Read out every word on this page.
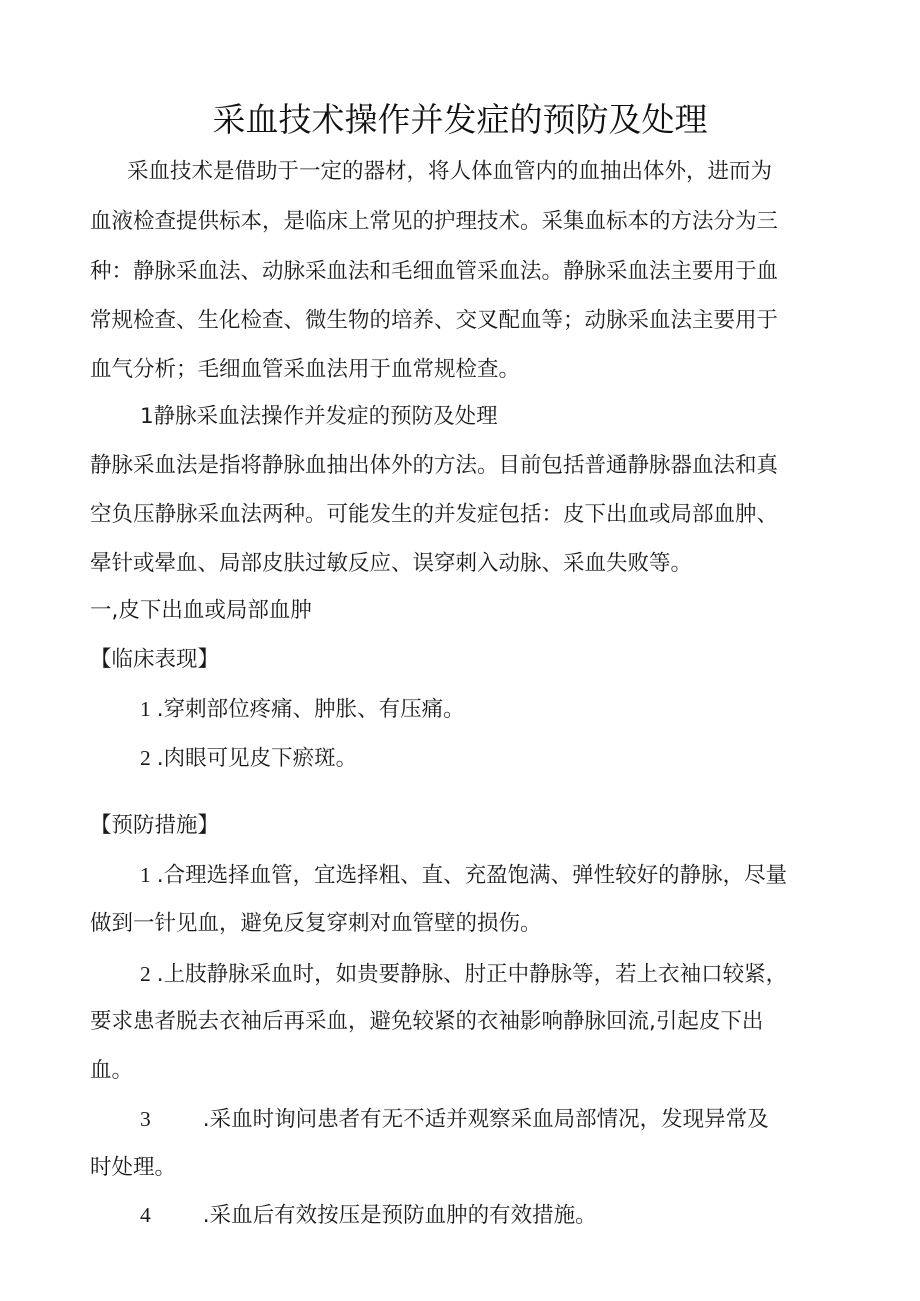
采血技术操作并发症的预防及处理
采血技术是借助于一定的器材，将人体血管内的血抽出体外，进而为
血液检查提供标本，是临床上常见的护理技术。采集血标本的方法分为三
种：静脉采血法、动脉采血法和毛细血管采血法。静脉采血法主要用于血
常规检查、生化检查、微生物的培养、交叉配血等；动脉采血法主要用于
血气分析；毛细血管采血法用于血常规检查。
1静脉采血法操作并发症的预防及处理
静脉采血法是指将静脉血抽出体外的方法。目前包括普通静脉器血法和真
空负压静脉采血法两种。可能发生的并发症包括：皮下出血或局部血肿、
晕针或晕血、局部皮肤过敏反应、误穿刺入动脉、采血失败等。
一,皮下出血或局部血肿
【临床表现】
1 .穿刺部位疼痛、肿胀、有压痛。
2 .肉眼可见皮下瘀斑。
【预防措施】
1 .合理选择血管，宜选择粗、直、充盈饱满、弹性较好的静脉，尽量
做到一针见血，避免反复穿刺对血管壁的损伤。
2 .上肢静脉采血时，如贵要静脉、肘正中静脉等，若上衣袖口较紧，
要求患者脱去衣袖后再采血，避免较紧的衣袖影响静脉回流,引起皮下出
血。
3 .采血时询问患者有无不适并观察采血局部情况，发现异常及
时处理。
4 .采血后有效按压是预防血肿的有效措施。
